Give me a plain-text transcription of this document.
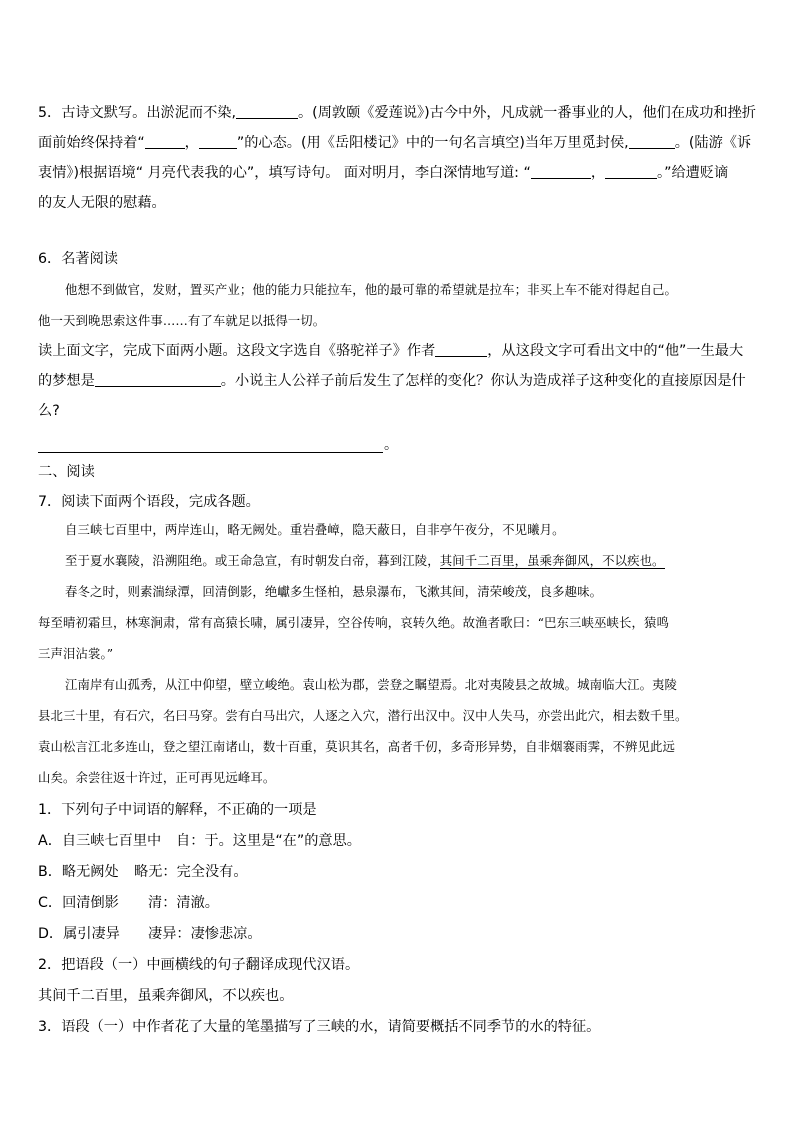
5．古诗文默写。出淤泥而不染,	。(周敦颐《爱莲说》)古今中外，凡成就一番事业的人，他们在成功和挫折
面前始终保持着“	，	”的心态。(用《岳阳楼记》中的一句名言填空)当年万里觅封侯,	。(陆游《诉
衷情》)根据语境“ 月亮代表我的心”，填写诗句。 面对明月，李白深情地写道: “	，	。”给遭贬谪
的友人无限的慰藉。
6．名著阅读
他想不到做官，发财，置买产业；他的能力只能拉车，他的最可靠的希望就是拉车；非买上车不能对得起自己。
他一天到晚思索这件事……有了车就足以抵得一切。
读上面文字，完成下面两小题。这段文字选自《骆驼祥子》作者	，从这段文字可看出文中的“他”一生最大
的梦想是	。小说主人公祥子前后发生了怎样的变化？你认为造成祥子这种变化的直接原因是什
么?
。
二、阅读
7．阅读下面两个语段，完成各题。
自三峡七百里中，两岸连山，略无阙处。重岩叠嶂，隐天蔽日，自非亭午夜分，不见曦月。
至于夏水襄陵，沿溯阻绝。或王命急宣，有时朝发白帝，暮到江陵，其间千二百里，虽乘奔御风，不以疾也。
春冬之时，则素湍绿潭，回清倒影，绝巘多生怪柏，悬泉瀑布，飞漱其间，清荣峻茂，良多趣味。
每至晴初霜旦，林寒涧肃，常有高猿长啸，属引凄异，空谷传响，哀转久绝。故渔者歌曰：“巴东三峡巫峡长，猿鸣
三声泪沾裳。”
江南岸有山孤秀，从江中仰望，壁立峻绝。袁山松为郡，尝登之瞩望焉。北对夷陵县之故城。城南临大江。夷陵
县北三十里，有石穴，名曰马穿。尝有白马出穴，人逐之入穴，潜行出汉中。汉中人失马，亦尝出此穴，相去数千里。
袁山松言江北多连山，登之望江南诸山，数十百重，莫识其名，高者千仞，多奇形异势，自非烟褰雨霁，不辨见此远
山矣。余尝往返十许过，正可再见远峰耳。
1．下列句子中词语的解释，不正确的一项是
A．自三峡七百里中 自：于。这里是“在”的意思。
B．略无阙处 略无：完全没有。
C．回清倒影 清：清澈。
D．属引凄异 凄异：凄惨悲凉。
2．把语段（一）中画横线的句子翻译成现代汉语。
其间千二百里，虽乘奔御风，不以疾也。
3．语段（一）中作者花了大量的笔墨描写了三峡的水，请简要概括不同季节的水的特征。
